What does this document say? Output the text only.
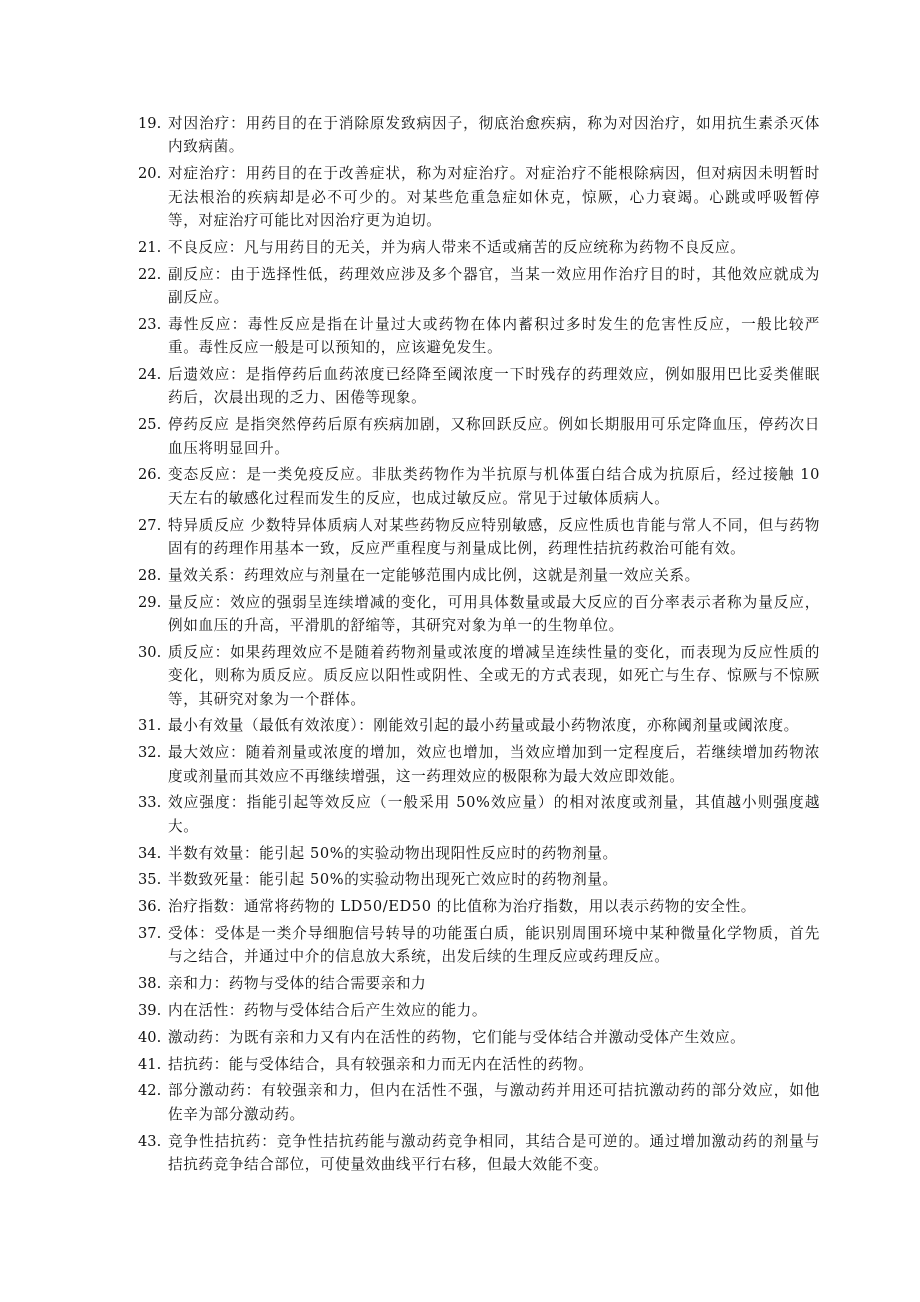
19. 对因治疗：用药目的在于消除原发致病因子，彻底治愈疾病，称为对因治疗，如用抗生素杀灭体内致病菌。
20. 对症治疗：用药目的在于改善症状，称为对症治疗。对症治疗不能根除病因，但对病因未明暂时无法根治的疾病却是必不可少的。对某些危重急症如休克，惊厥，心力衰竭。心跳或呼吸暂停等，对症治疗可能比对因治疗更为迫切。
21. 不良反应：凡与用药目的无关，并为病人带来不适或痛苦的反应统称为药物不良反应。
22. 副反应：由于选择性低，药理效应涉及多个器官，当某一效应用作治疗目的时，其他效应就成为副反应。
23. 毒性反应：毒性反应是指在计量过大或药物在体内蓄积过多时发生的危害性反应，一般比较严重。毒性反应一般是可以预知的，应该避免发生。
24. 后遗效应：是指停药后血药浓度已经降至阈浓度一下时残存的药理效应，例如服用巴比妥类催眠药后，次晨出现的乏力、困倦等现象。
25. 停药反应 是指突然停药后原有疾病加剧，又称回跃反应。例如长期服用可乐定降血压，停药次日血压将明显回升。
26. 变态反应：是一类免疫反应。非肽类药物作为半抗原与机体蛋白结合成为抗原后，经过接触 10 天左右的敏感化过程而发生的反应，也成过敏反应。常见于过敏体质病人。
27. 特异质反应 少数特异体质病人对某些药物反应特别敏感，反应性质也肯能与常人不同，但与药物固有的药理作用基本一致，反应严重程度与剂量成比例，药理性拮抗药救治可能有效。
28. 量效关系：药理效应与剂量在一定能够范围内成比例，这就是剂量一效应关系。
29. 量反应：效应的强弱呈连续增减的变化，可用具体数量或最大反应的百分率表示者称为量反应，例如血压的升高，平滑肌的舒缩等，其研究对象为单一的生物单位。
30. 质反应：如果药理效应不是随着药物剂量或浓度的增减呈连续性量的变化，而表现为反应性质的变化，则称为质反应。质反应以阳性或阴性、全或无的方式表现，如死亡与生存、惊厥与不惊厥等，其研究对象为一个群体。
31. 最小有效量（最低有效浓度）：刚能效引起的最小药量或最小药物浓度，亦称阈剂量或阈浓度。
32. 最大效应：随着剂量或浓度的增加，效应也增加，当效应增加到一定程度后，若继续增加药物浓度或剂量而其效应不再继续增强，这一药理效应的极限称为最大效应即效能。
33. 效应强度：指能引起等效反应（一般采用 50%效应量）的相对浓度或剂量，其值越小则强度越大。
34. 半数有效量：能引起 50%的实验动物出现阳性反应时的药物剂量。
35. 半数致死量：能引起 50%的实验动物出现死亡效应时的药物剂量。
36. 治疗指数：通常将药物的 LD50/ED50 的比值称为治疗指数，用以表示药物的安全性。
37. 受体：受体是一类介导细胞信号转导的功能蛋白质，能识别周围环境中某种微量化学物质，首先与之结合，并通过中介的信息放大系统，出发后续的生理反应或药理反应。
38. 亲和力：药物与受体的结合需要亲和力
39. 内在活性：药物与受体结合后产生效应的能力。
40. 激动药：为既有亲和力又有内在活性的药物，它们能与受体结合并激动受体产生效应。
41. 拮抗药：能与受体结合，具有较强亲和力而无内在活性的药物。
42. 部分激动药：有较强亲和力，但内在活性不强，与激动药并用还可拮抗激动药的部分效应，如他佐辛为部分激动药。
43. 竞争性拮抗药：竞争性拮抗药能与激动药竞争相同，其结合是可逆的。通过增加激动药的剂量与拮抗药竞争结合部位，可使量效曲线平行右移，但最大效能不变。
